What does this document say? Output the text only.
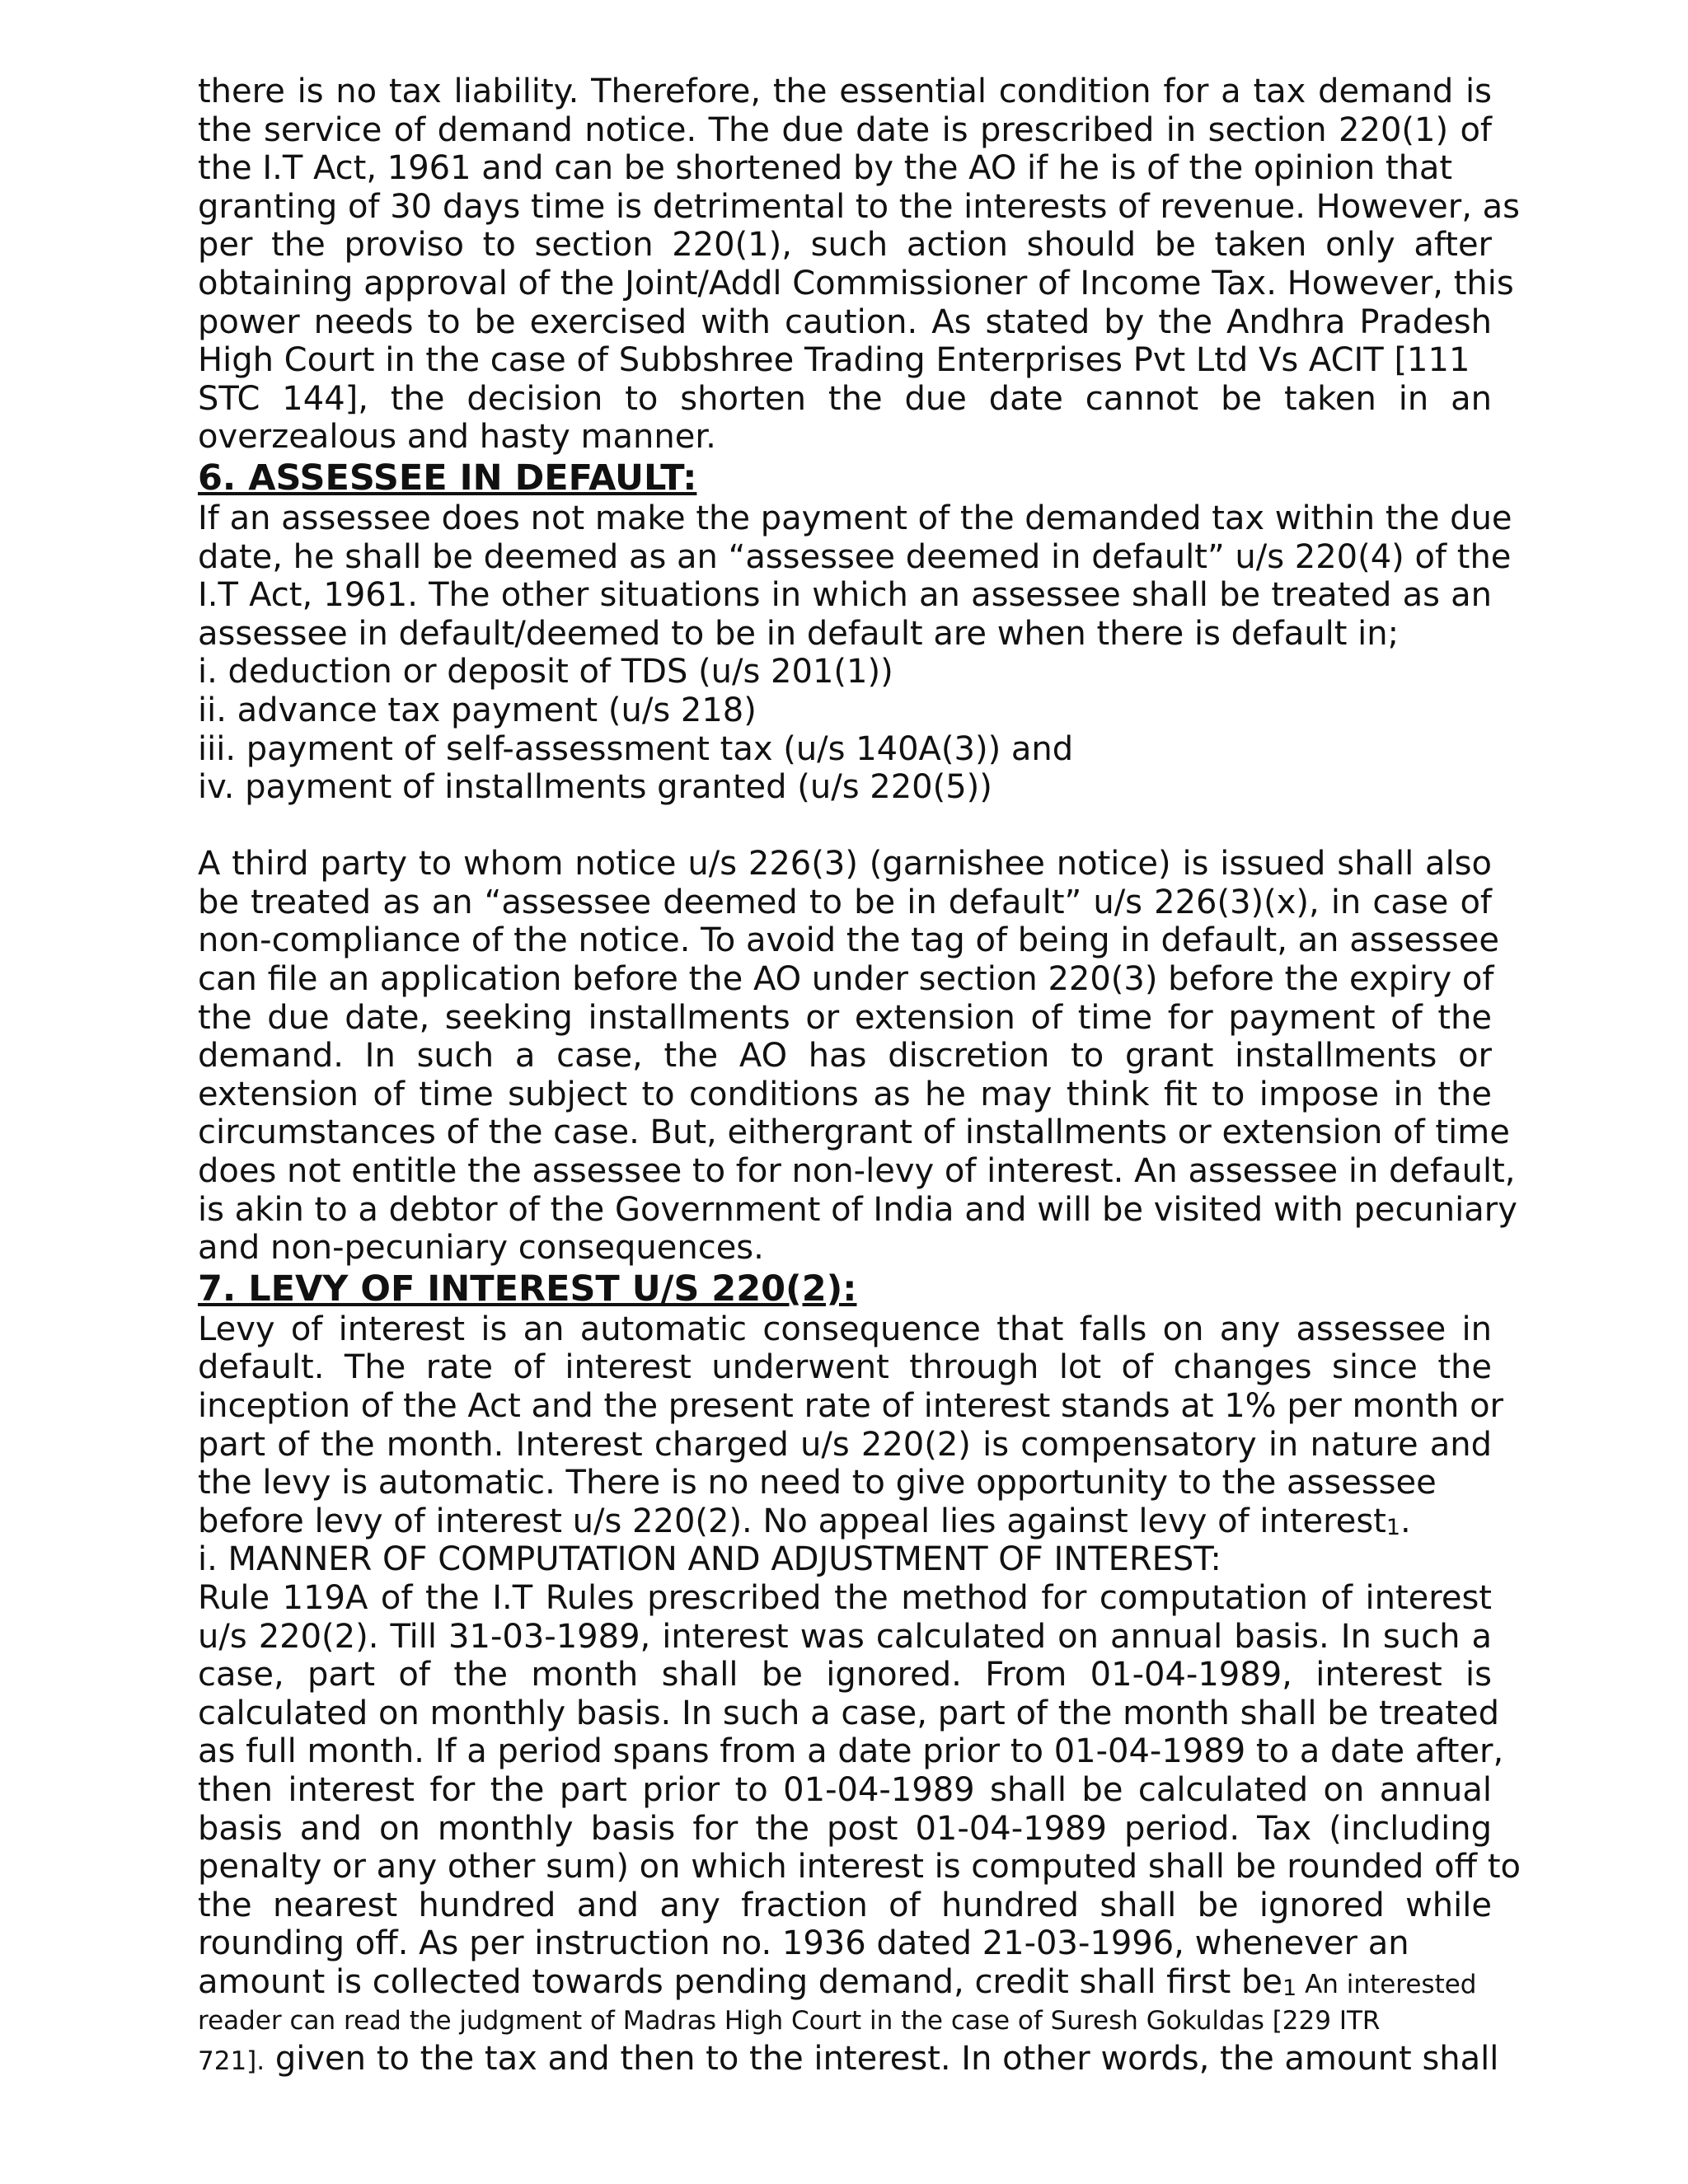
there is no tax liability. Therefore, the essential condition for a tax demand is
the service of demand notice. The due date is prescribed in section 220(1) of
the I.T Act, 1961 and can be shortened by the AO if he is of the opinion that
granting of 30 days time is detrimental to the interests of revenue. However, as
per the proviso to section 220(1), such action should be taken only after
obtaining approval of the Joint/Addl Commissioner of Income Tax. However, this
power needs to be exercised with caution. As stated by the Andhra Pradesh
High Court in the case of Subbshree Trading Enterprises Pvt Ltd Vs ACIT [111
STC 144], the decision to shorten the due date cannot be taken in an
overzealous and hasty manner.
6. ASSESSEE IN DEFAULT:
If an assessee does not make the payment of the demanded tax within the due
date, he shall be deemed as an “assessee deemed in default” u/s 220(4) of the
I.T Act, 1961. The other situations in which an assessee shall be treated as an
assessee in default/deemed to be in default are when there is default in;
i. deduction or deposit of TDS (u/s 201(1))
ii. advance tax payment (u/s 218)
iii. payment of self-assessment tax (u/s 140A(3)) and
iv. payment of installments granted (u/s 220(5))
A third party to whom notice u/s 226(3) (garnishee notice) is issued shall also
be treated as an “assessee deemed to be in default” u/s 226(3)(x), in case of
non-compliance of the notice. To avoid the tag of being in default, an assessee
can file an application before the AO under section 220(3) before the expiry of
the due date, seeking installments or extension of time for payment of the
demand. In such a case, the AO has discretion to grant installments or
extension of time subject to conditions as he may think fit to impose in the
circumstances of the case. But, eithergrant of installments or extension of time
does not entitle the assessee to for non-levy of interest. An assessee in default,
is akin to a debtor of the Government of India and will be visited with pecuniary
and non-pecuniary consequences.
7. LEVY OF INTEREST U/S 220(2):
Levy of interest is an automatic consequence that falls on any assessee in
default. The rate of interest underwent through lot of changes since the
inception of the Act and the present rate of interest stands at 1% per month or
part of the month. Interest charged u/s 220(2) is compensatory in nature and
the levy is automatic. There is no need to give opportunity to the assessee
before levy of interest u/s 220(2). No appeal lies against levy of interest1.
i. MANNER OF COMPUTATION AND ADJUSTMENT OF INTEREST:
Rule 119A of the I.T Rules prescribed the method for computation of interest
u/s 220(2). Till 31-03-1989, interest was calculated on annual basis. In such a
case, part of the month shall be ignored. From 01-04-1989, interest is
calculated on monthly basis. In such a case, part of the month shall be treated
as full month. If a period spans from a date prior to 01-04-1989 to a date after,
then interest for the part prior to 01-04-1989 shall be calculated on annual
basis and on monthly basis for the post 01-04-1989 period. Tax (including
penalty or any other sum) on which interest is computed shall be rounded off to
the nearest hundred and any fraction of hundred shall be ignored while
rounding off. As per instruction no. 1936 dated 21-03-1996, whenever an
amount is collected towards pending demand, credit shall first be1 An interested
reader can read the judgment of Madras High Court in the case of Suresh Gokuldas [229 ITR
721]. given to the tax and then to the interest. In other words, the amount shall
